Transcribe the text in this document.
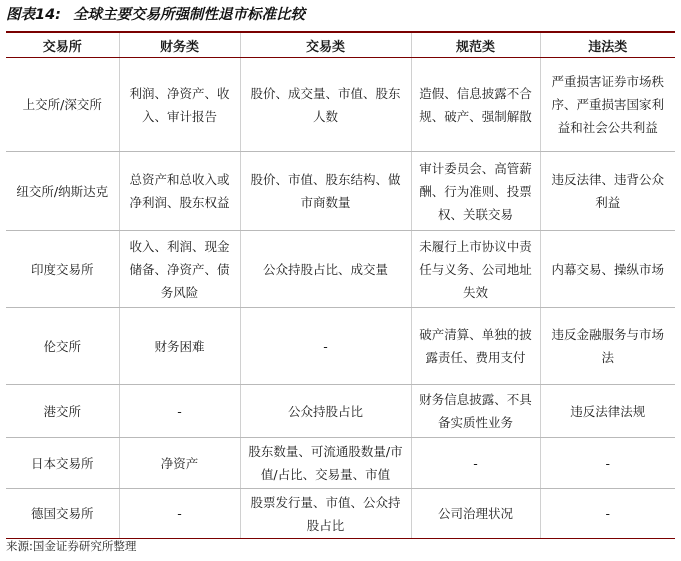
图表14: 全球主要交易所强制性退市标准比较
交易所	财务类	交易类	规范类	违法类
上交所/深交所	利润、净资产、收入、审计报告	股价、成交量、市值、股东人数	造假、信息披露不合规、破产、强制解散	严重损害证券市场秩序、严重损害国家利益和社会公共利益
纽交所/纳斯达克	总资产和总收入或净利润、股东权益	股价、市值、股东结构、做市商数量	审计委员会、高管薪酬、行为准则、投票权、关联交易	违反法律、违背公众利益
印度交易所	收入、利润、现金储备、净资产、债务风险	公众持股占比、成交量	未履行上市协议中责任与义务、公司地址失效	内幕交易、操纵市场
伦交所	财务困难	-	破产清算、单独的披露责任、费用支付	违反金融服务与市场法
港交所	-	公众持股占比	财务信息披露、不具备实质性业务	违反法律法规
日本交易所	净资产	股东数量、可流通股数量/市值/占比、交易量、市值	-	-
德国交易所	-	股票发行量、市值、公众持股占比	公司治理状况	-
来源:国金证券研究所整理
